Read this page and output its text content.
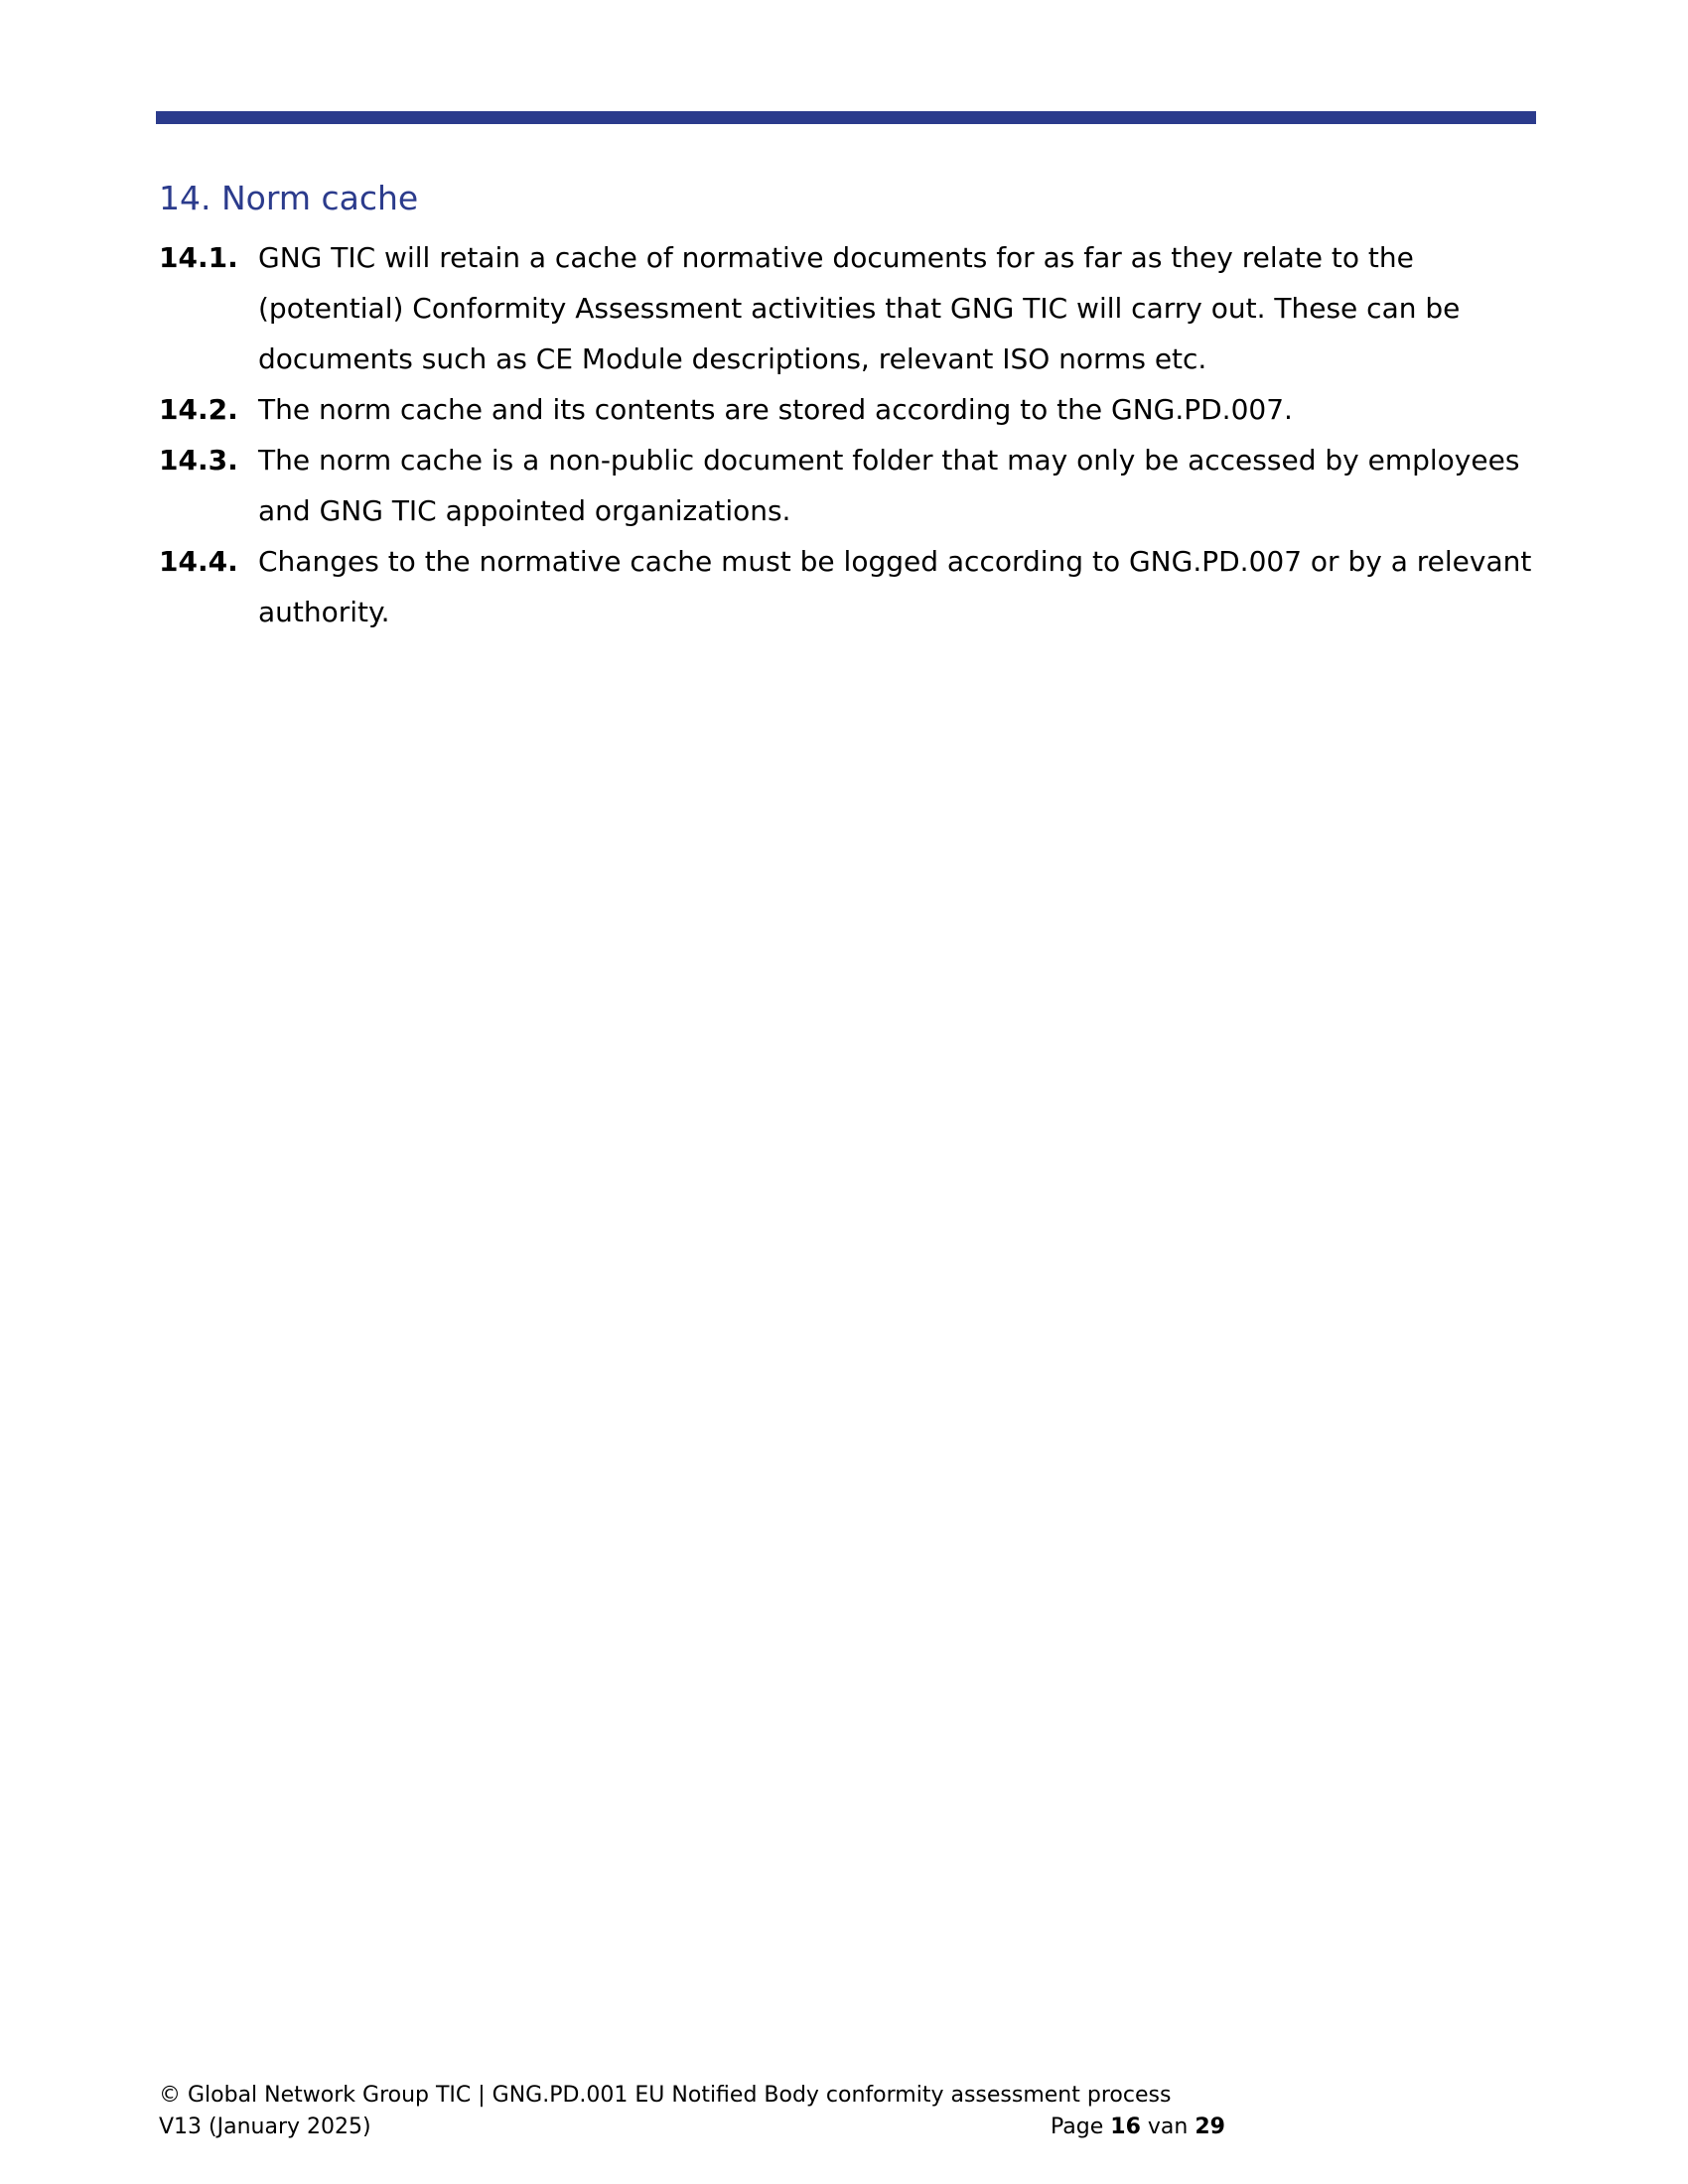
14. Norm cache
14.1. GNG TIC will retain a cache of normative documents for as far as they relate to the (potential) Conformity Assessment activities that GNG TIC will carry out. These can be documents such as CE Module descriptions, relevant ISO norms etc.
14.2. The norm cache and its contents are stored according to the GNG.PD.007.
14.3. The norm cache is a non-public document folder that may only be accessed by employees and GNG TIC appointed organizations.
14.4. Changes to the normative cache must be logged according to GNG.PD.007 or by a relevant authority.
© Global Network Group TIC | GNG.PD.001 EU Notified Body conformity assessment process
V13 (January 2025)	Page 16 van 29
